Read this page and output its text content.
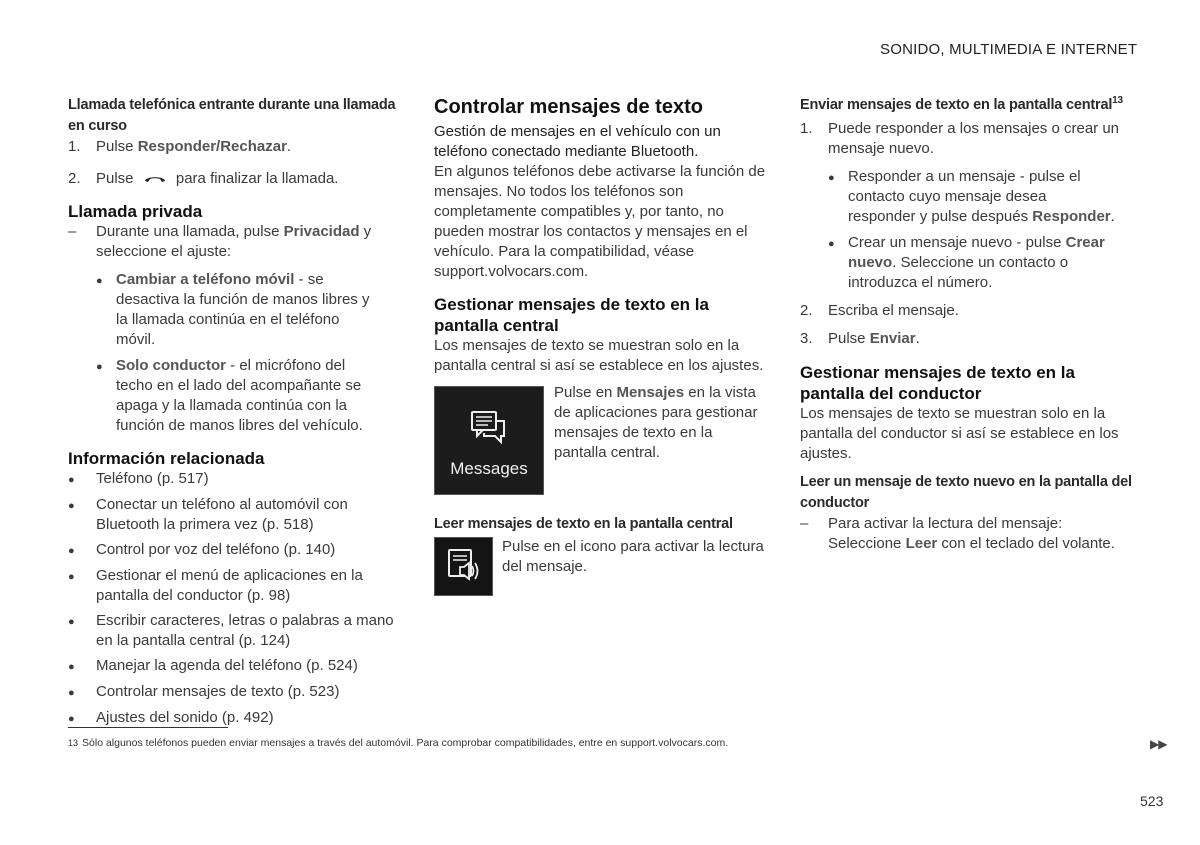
SONIDO, MULTIMEDIA E INTERNET
Llamada telefónica entrante durante una llamada en curso
1.	Pulse Responder/Rechazar.
2.	Pulse	para finalizar la llamada.
Llamada privada
–	Durante una llamada, pulse Privacidad y seleccione el ajuste:
●
Cambiar a teléfono móvil - se desactiva la función de manos libres y la llamada continúa en el teléfono móvil.
●
Solo conductor - el micrófono del techo en el lado del acompañante se apaga y la llamada continúa con la función de manos libres del vehículo.
Información relacionada
●
Teléfono (p. 517)
●
Conectar un teléfono al automóvil con Bluetooth la primera vez (p. 518)
●
Control por voz del teléfono (p. 140)
●
Gestionar el menú de aplicaciones en la pantalla del conductor (p. 98)
●
Escribir caracteres, letras o palabras a mano en la pantalla central (p. 124)
●
Manejar la agenda del teléfono (p. 524)
●
Controlar mensajes de texto (p. 523)
●
Ajustes del sonido (p. 492)
Controlar mensajes de texto

Gestión de mensajes en el vehículo con un teléfono conectado mediante Bluetooth.

En algunos teléfonos debe activarse la función de mensajes. No todos los teléfonos son completamente compatibles y, por tanto, no pueden mostrar los contactos y mensajes en el vehículo. Para la compatibilidad, véase support.volvocars.com.

Gestionar mensajes de texto en la pantalla central

Los mensajes de texto se muestran solo en la pantalla central si así se establece en los ajustes.

Messages

Pulse en Mensajes en la vista de aplicaciones para gestionar mensajes de texto en la pantalla central.

Leer mensajes de texto en la pantalla central

Pulse en el icono para activar la lectura del mensaje.

Enviar mensajes de texto en la pantalla central$^{13}$
1.	Puede responder a los mensajes o crear un mensaje nuevo.
●
Responder a un mensaje - pulse el contacto cuyo mensaje desea responder y pulse después Responder.
●
Crear un mensaje nuevo - pulse Crear nuevo. Seleccione un contacto o introduzca el número.
2.	Escriba el mensaje.
3.	Pulse Enviar.
Gestionar mensajes de texto en la pantalla del conductor

Los mensajes de texto se muestran solo en la pantalla del conductor si así se establece en los ajustes.

Leer un mensaje de texto nuevo en la pantalla del conductor
–	Para activar la lectura del mensaje: Seleccione Leer con el teclado del volante.
13 Sólo algunos teléfonos pueden enviar mensajes a través del automóvil. Para comprobar compatibilidades, entre en support.volvocars.com.	▶▶
523
